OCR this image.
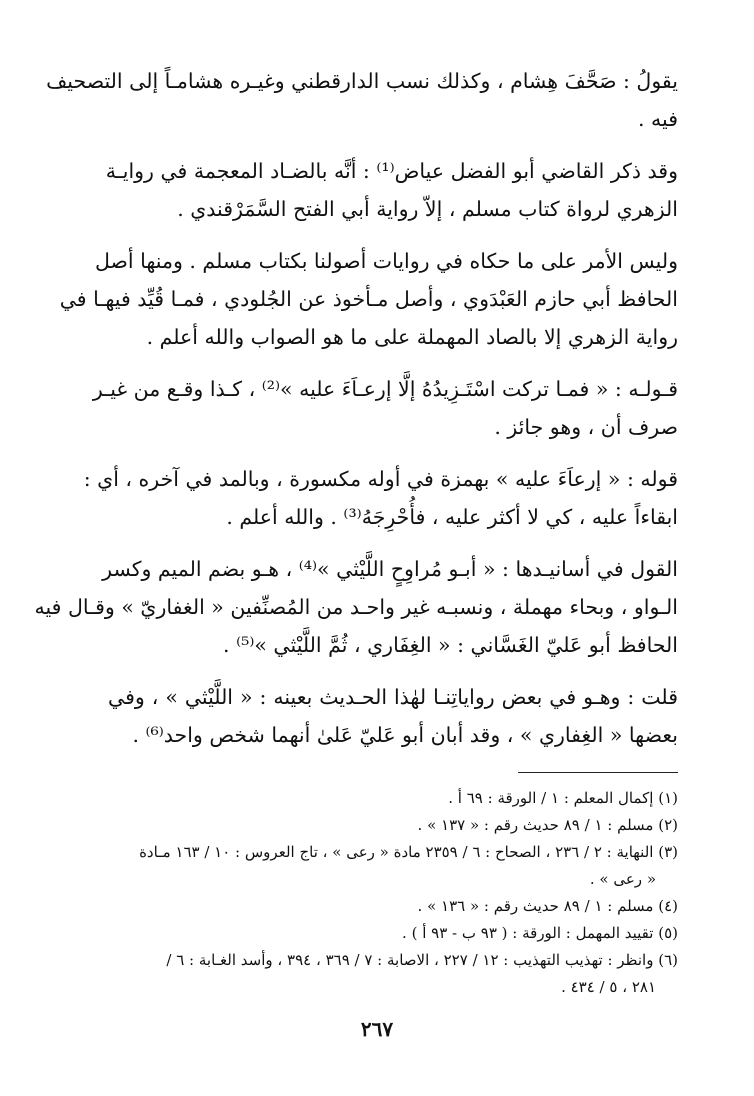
يقولُ : صَحَّفَ هِشام ، وكذلك نسب الدارقطني وغيـره هشامـاً إلى التصحيف
فيه .
وقد ذكر القاضي أبو الفضل عياض⁽¹⁾ : أنَّه بالضـاد المعجمة في روايـة
الزهري لرواة كتاب مسلم ، إلاّ رواية أبي الفتح السَّمَرْقندي .
وليس الأمر على ما حكاه في روايات أصولنا بكتاب مسلم . ومنها أصل
الحافظ أبي حازم العَبْدَوي ، وأصل مـأخوذ عن الجُلودي ، فمـا قُيِّد فيهـا في
رواية الزهري إلا بالصاد المهملة على ما هو الصواب والله أعلم .
قـولـه : « فمـا تركت اسْتَـزِيدُهُ إلَّا إرعـاَءَ عليه »⁽²⁾ ، كـذا وقـع من غيـر
صرف أن ، وهو جائز .
قوله : « إرعاَءَ عليه » بهمزة في أوله مكسورة ، وبالمد في آخره ، أي :
ابقاءاً عليه ، كي لا أكثر عليه ، فأُحْرِجَهُ⁽³⁾ . والله أعلم .
القول في أسانيـدها : « أبـو مُراوِحٍ اللَّيْثي »⁽⁴⁾ ، هـو بضم الميم وكسر
الـواو ، وبحاء مهملة ، ونسبـه غير واحـد من المُصنِّفين « الغفاريّ » وقـال فيه
الحافظ أبو عَليّ الغَسَّاني : « الغِفَاري ، ثُمَّ اللَّيْثي »⁽⁵⁾ .
قلت : وهـو في بعض رواياتِنـا لهٰذا الحـديث بعينه : « اللَّيْثي » ، وفي
بعضها « الغِفاري » ، وقد أبان أبو عَليّ عَلىٰ أنهما شخص واحد⁽⁶⁾ .
(١) إكمال المعلم : ١ / الورقة : ٦٩ أ .
(٢) مسلم : ١ / ٨٩ حديث رقم : « ١٣٧ » .
(٣) النهاية : ٢ / ٢٣٦ ، الصحاح : ٦ / ٢٣٥٩ مادة « رعى » ، تاج العروس : ١٠ / ١٦٣ مـادة
« رعى » .
(٤) مسلم : ١ / ٨٩ حديث رقم : « ١٣٦ » .
(٥) تقييد المهمل : الورقة : ( ٩٣ ب - ٩٣ أ ) .
(٦) وانظر : تهذيب التهذيب : ١٢ / ٢٢٧ ، الاصابة : ٧ / ٣٦٩ ، ٣٩٤ ، وأسد الغـابة : ٦ /
٢٨١ ، ٥ / ٤٣٤ .
٢٦٧
